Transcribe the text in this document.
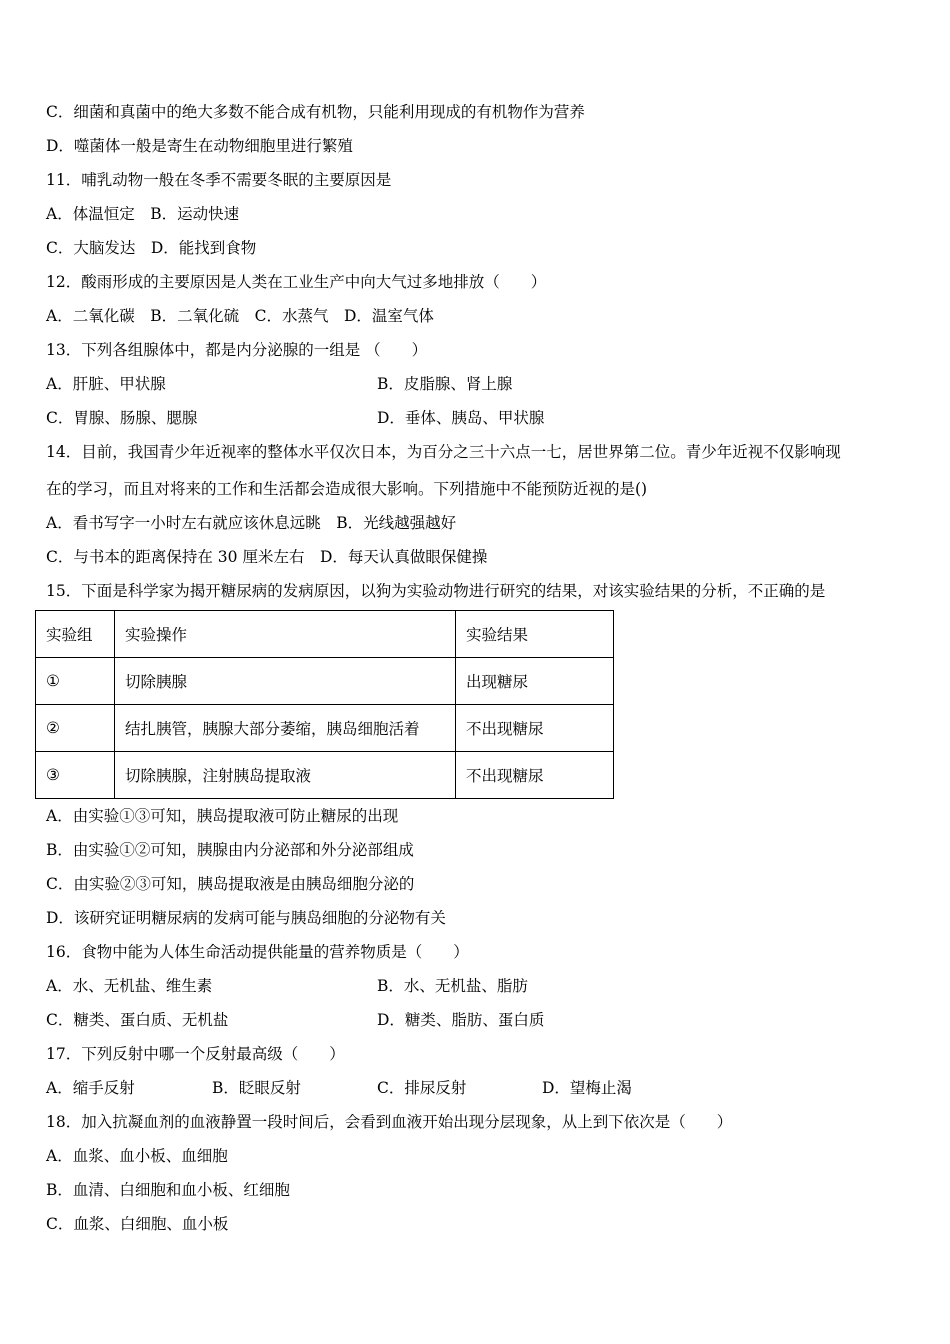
C．细菌和真菌中的绝大多数不能合成有机物，只能利用现成的有机物作为营养
D．噬菌体一般是寄生在动物细胞里进行繁殖
11．哺乳动物一般在冬季不需要冬眠的主要原因是
A．体温恒定　B．运动快速
C．大脑发达　D．能找到食物
12．酸雨形成的主要原因是人类在工业生产中向大气过多地排放（　　）
A．二氧化碳　B．二氧化硫　C．水蒸气　D．温室气体
13．下列各组腺体中，都是内分泌腺的一组是 （　　）
A．肝脏、甲状腺	B．皮脂腺、肾上腺
C．胃腺、肠腺、腮腺	D．垂体、胰岛、甲状腺
14．目前，我国青少年近视率的整体水平仅次日本，为百分之三十六点一七，居世界第二位。青少年近视不仅影响现
在的学习，而且对将来的工作和生活都会造成很大影响。下列措施中不能预防近视的是()
A．看书写字一小时左右就应该休息远眺　B．光线越强越好
C．与书本的距离保持在 30 厘米左右　D．每天认真做眼保健操
15．下面是科学家为揭开糖尿病的发病原因，以狗为实验动物进行研究的结果，对该实验结果的分析，不正确的是
实验组	实验操作	实验结果
①	切除胰腺	出现糖尿
②	结扎胰管，胰腺大部分萎缩，胰岛细胞活着	不出现糖尿
③	切除胰腺，注射胰岛提取液	不出现糖尿
A．由实验①③可知，胰岛提取液可防止糖尿的出现
B．由实验①②可知，胰腺由内分泌部和外分泌部组成
C．由实验②③可知，胰岛提取液是由胰岛细胞分泌的
D．该研究证明糖尿病的发病可能与胰岛细胞的分泌物有关
16．食物中能为人体生命活动提供能量的营养物质是（　　）
A．水、无机盐、维生素	B．水、无机盐、脂肪
C．糖类、蛋白质、无机盐	D．糖类、脂肪、蛋白质
17．下列反射中哪一个反射最高级（　　）
A．缩手反射	B．眨眼反射	C．排尿反射	D．望梅止渴
18．加入抗凝血剂的血液静置一段时间后，会看到血液开始出现分层现象，从上到下依次是（　　）
A．血浆、血小板、血细胞
B．血清、白细胞和血小板、红细胞
C．血浆、白细胞、血小板
